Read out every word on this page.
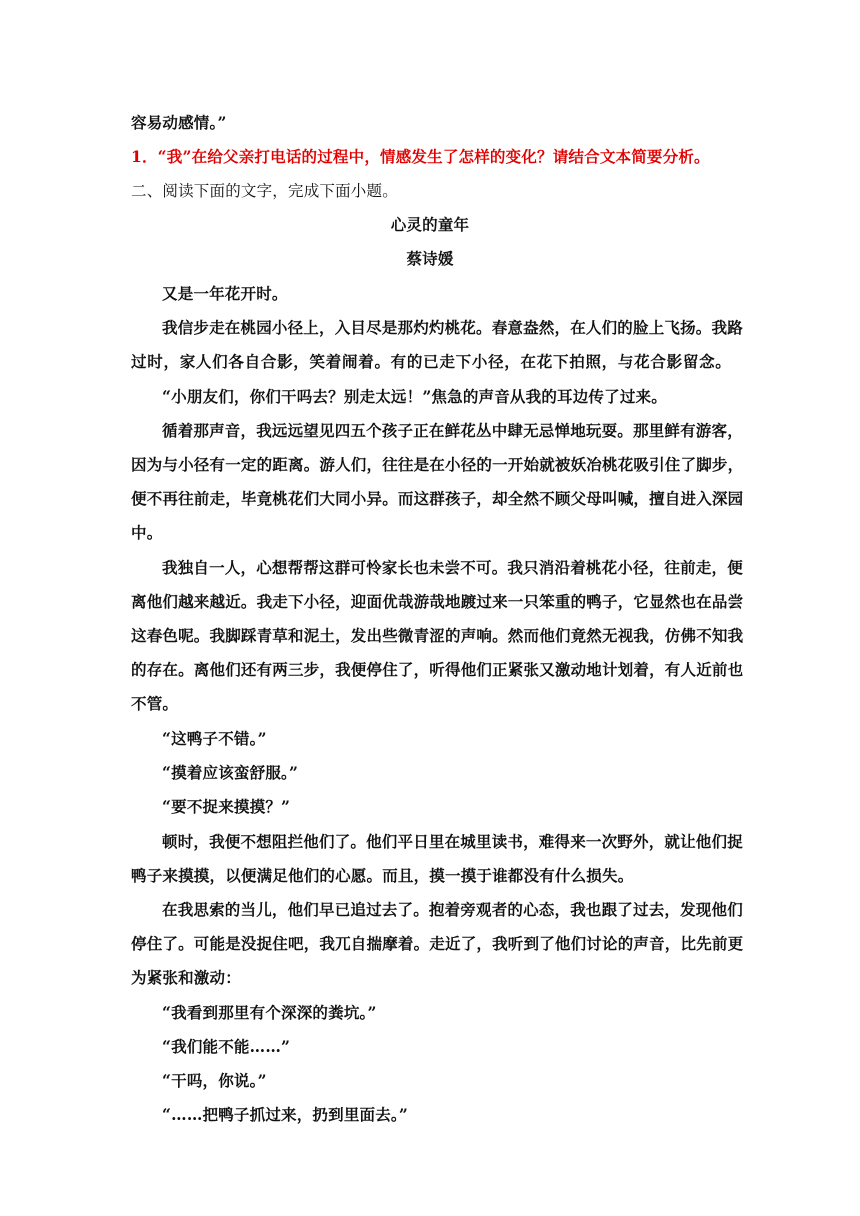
容易动感情。”
1．“我”在给父亲打电话的过程中，情感发生了怎样的变化？请结合文本简要分析。
二、阅读下面的文字，完成下面小题。
心灵的童年
蔡诗媛
又是一年花开时。
我信步走在桃园小径上，入目尽是那灼灼桃花。春意盎然，在人们的脸上飞扬。我路
过时，家人们各自合影，笑着闹着。有的已走下小径，在花下拍照，与花合影留念。
“小朋友们，你们干吗去？别走太远！”焦急的声音从我的耳边传了过来。
循着那声音，我远远望见四五个孩子正在鲜花丛中肆无忌惮地玩耍。那里鲜有游客，
因为与小径有一定的距离。游人们，往往是在小径的一开始就被妖冶桃花吸引住了脚步，
便不再往前走，毕竟桃花们大同小异。而这群孩子，却全然不顾父母叫喊，擅自进入深园
中。
我独自一人，心想帮帮这群可怜家长也未尝不可。我只消沿着桃花小径，往前走，便
离他们越来越近。我走下小径，迎面优哉游哉地踱过来一只笨重的鸭子，它显然也在品尝
这春色呢。我脚踩青草和泥土，发出些微青涩的声响。然而他们竟然无视我，仿佛不知我
的存在。离他们还有两三步，我便停住了，听得他们正紧张又激动地计划着，有人近前也
不管。
“这鸭子不错。”
“摸着应该蛮舒服。”
“要不捉来摸摸？”
顿时，我便不想阻拦他们了。他们平日里在城里读书，难得来一次野外，就让他们捉
鸭子来摸摸，以便满足他们的心愿。而且，摸一摸于谁都没有什么损失。
在我思索的当儿，他们早已追过去了。抱着旁观者的心态，我也跟了过去，发现他们
停住了。可能是没捉住吧，我兀自揣摩着。走近了，我听到了他们讨论的声音，比先前更
为紧张和激动：
“我看到那里有个深深的粪坑。”
“我们能不能……”
“干吗，你说。”
“……把鸭子抓过来，扔到里面去。”
